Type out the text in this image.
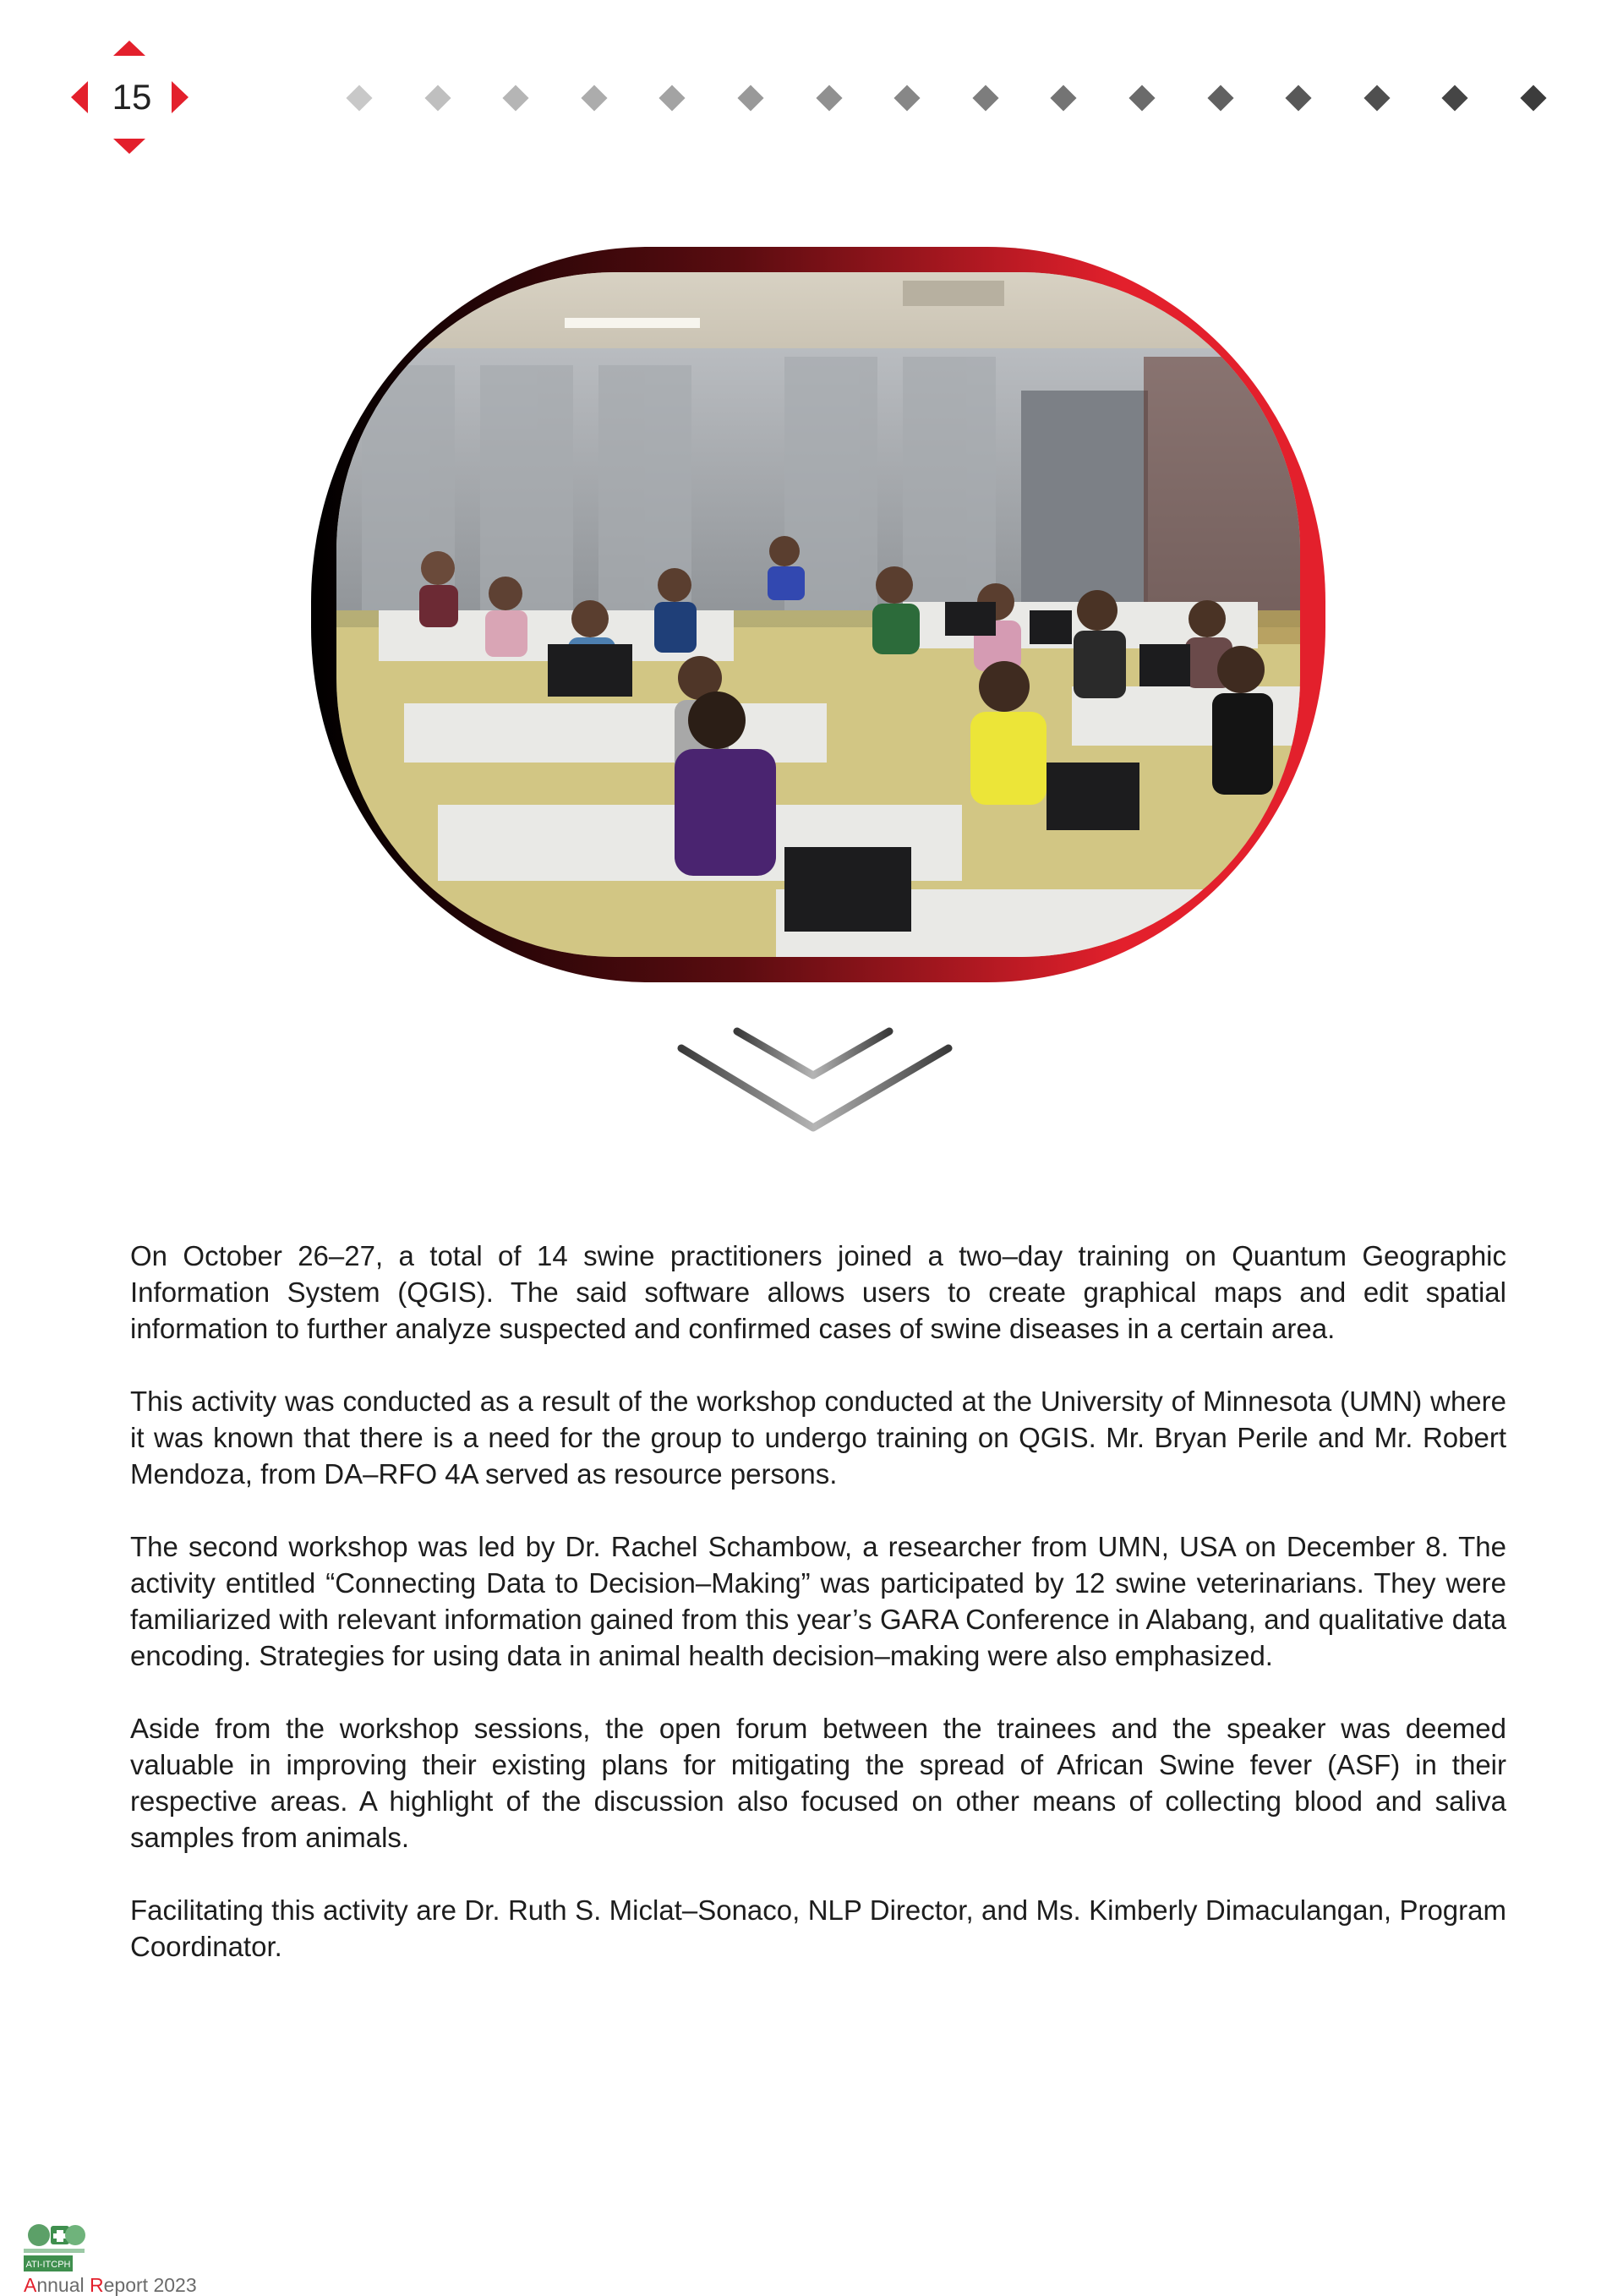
15

On October 26–27, a total of 14 swine practitioners joined a two–day training on Quantum Geographic Information System (QGIS). The said software allows users to create graphical maps and edit spatial information to further analyze suspected and confirmed cases of swine diseases in a certain area.

This activity was conducted as a result of the workshop conducted at the University of Minnesota (UMN) where it was known that there is a need for the group to undergo training on QGIS. Mr. Bryan Perile and Mr. Robert Mendoza, from DA–RFO 4A served as resource persons.

The second workshop was led by Dr. Rachel Schambow, a researcher from UMN, USA on December 8. The activity entitled “Connecting Data to Decision–Making” was participated by 12 swine veterinarians. They were familiarized with relevant information gained from this year’s GARA Conference in Alabang, and qualitative data encoding. Strategies for using data in animal health decision–making were also emphasized.

Aside from the workshop sessions, the open forum between the trainees and the speaker was deemed valuable in improving their existing plans for mitigating the spread of African Swine fever (ASF) in their respective areas. A highlight of the discussion also focused on other means of collecting blood and saliva samples from animals.

Facilitating this activity are Dr. Ruth S. Miclat–Sonaco, NLP Director, and Ms. Kimberly Dimaculangan, Program Coordinator.

ATI-ITCPH
Annual Report 2023
